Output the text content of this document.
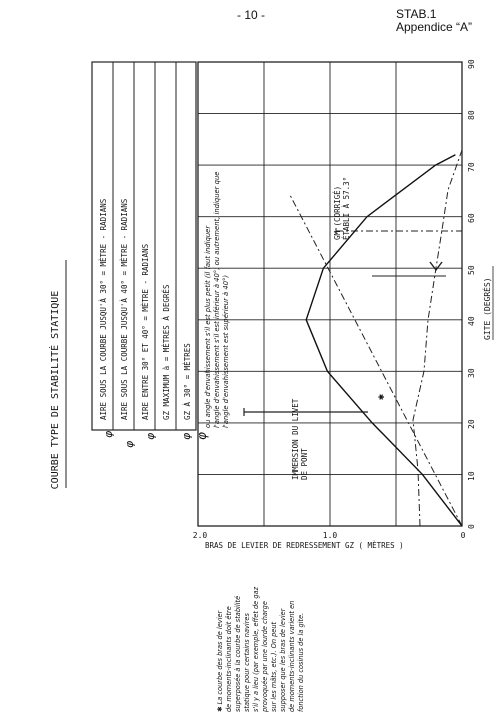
- 10 -	STAB.1
Appendice “A”
COURBE TYPE DE STABILITÉ STATIQUE	AIRE SOUS LA COURBE JUSQU'À 30° = MÈTRE - RADIANS AIRE SOUS LA COURBE JUSQU'À 40° = MÈTRE - RADIANS AIRE ENTRE 30° ET 40° = MÈTRE - RADIANS GZ MAXIMUM à = MÈTRES À DEGRÉS GZ À 30° = MÈTRES
φ
φ
φ φ φ
ou angle d'envahissement s'il est plus petit (il faut indiquer l'angle d'envahissement s'il est inférieur à 40°; ou autrement, indiquer que l'angle d'envahissement est supérieur à 40°)
IMMERSION DU LIVET DE PONT
GM (CORRIGÉ) ÉTABLI À 57.3°
✱
0
10
20
30
40
50
60
70
80
90
GITE (DEGRÉS)
0
1.0
2.0
BRAS DE LEVIER DE REDRESSEMENT GZ ( MÈTRES )
✱ La courbe des bras de levier de moments-inclinants doit être superposée à la courbe de stabilité statique pour certains navires s'il y a lieu (par exemple, effet de gaz provoquée par une lourde charge sur les mâts, etc.). On peut supposer que les bras de levier de moments-inclinants varient en fonction du cosinus de la gite.
